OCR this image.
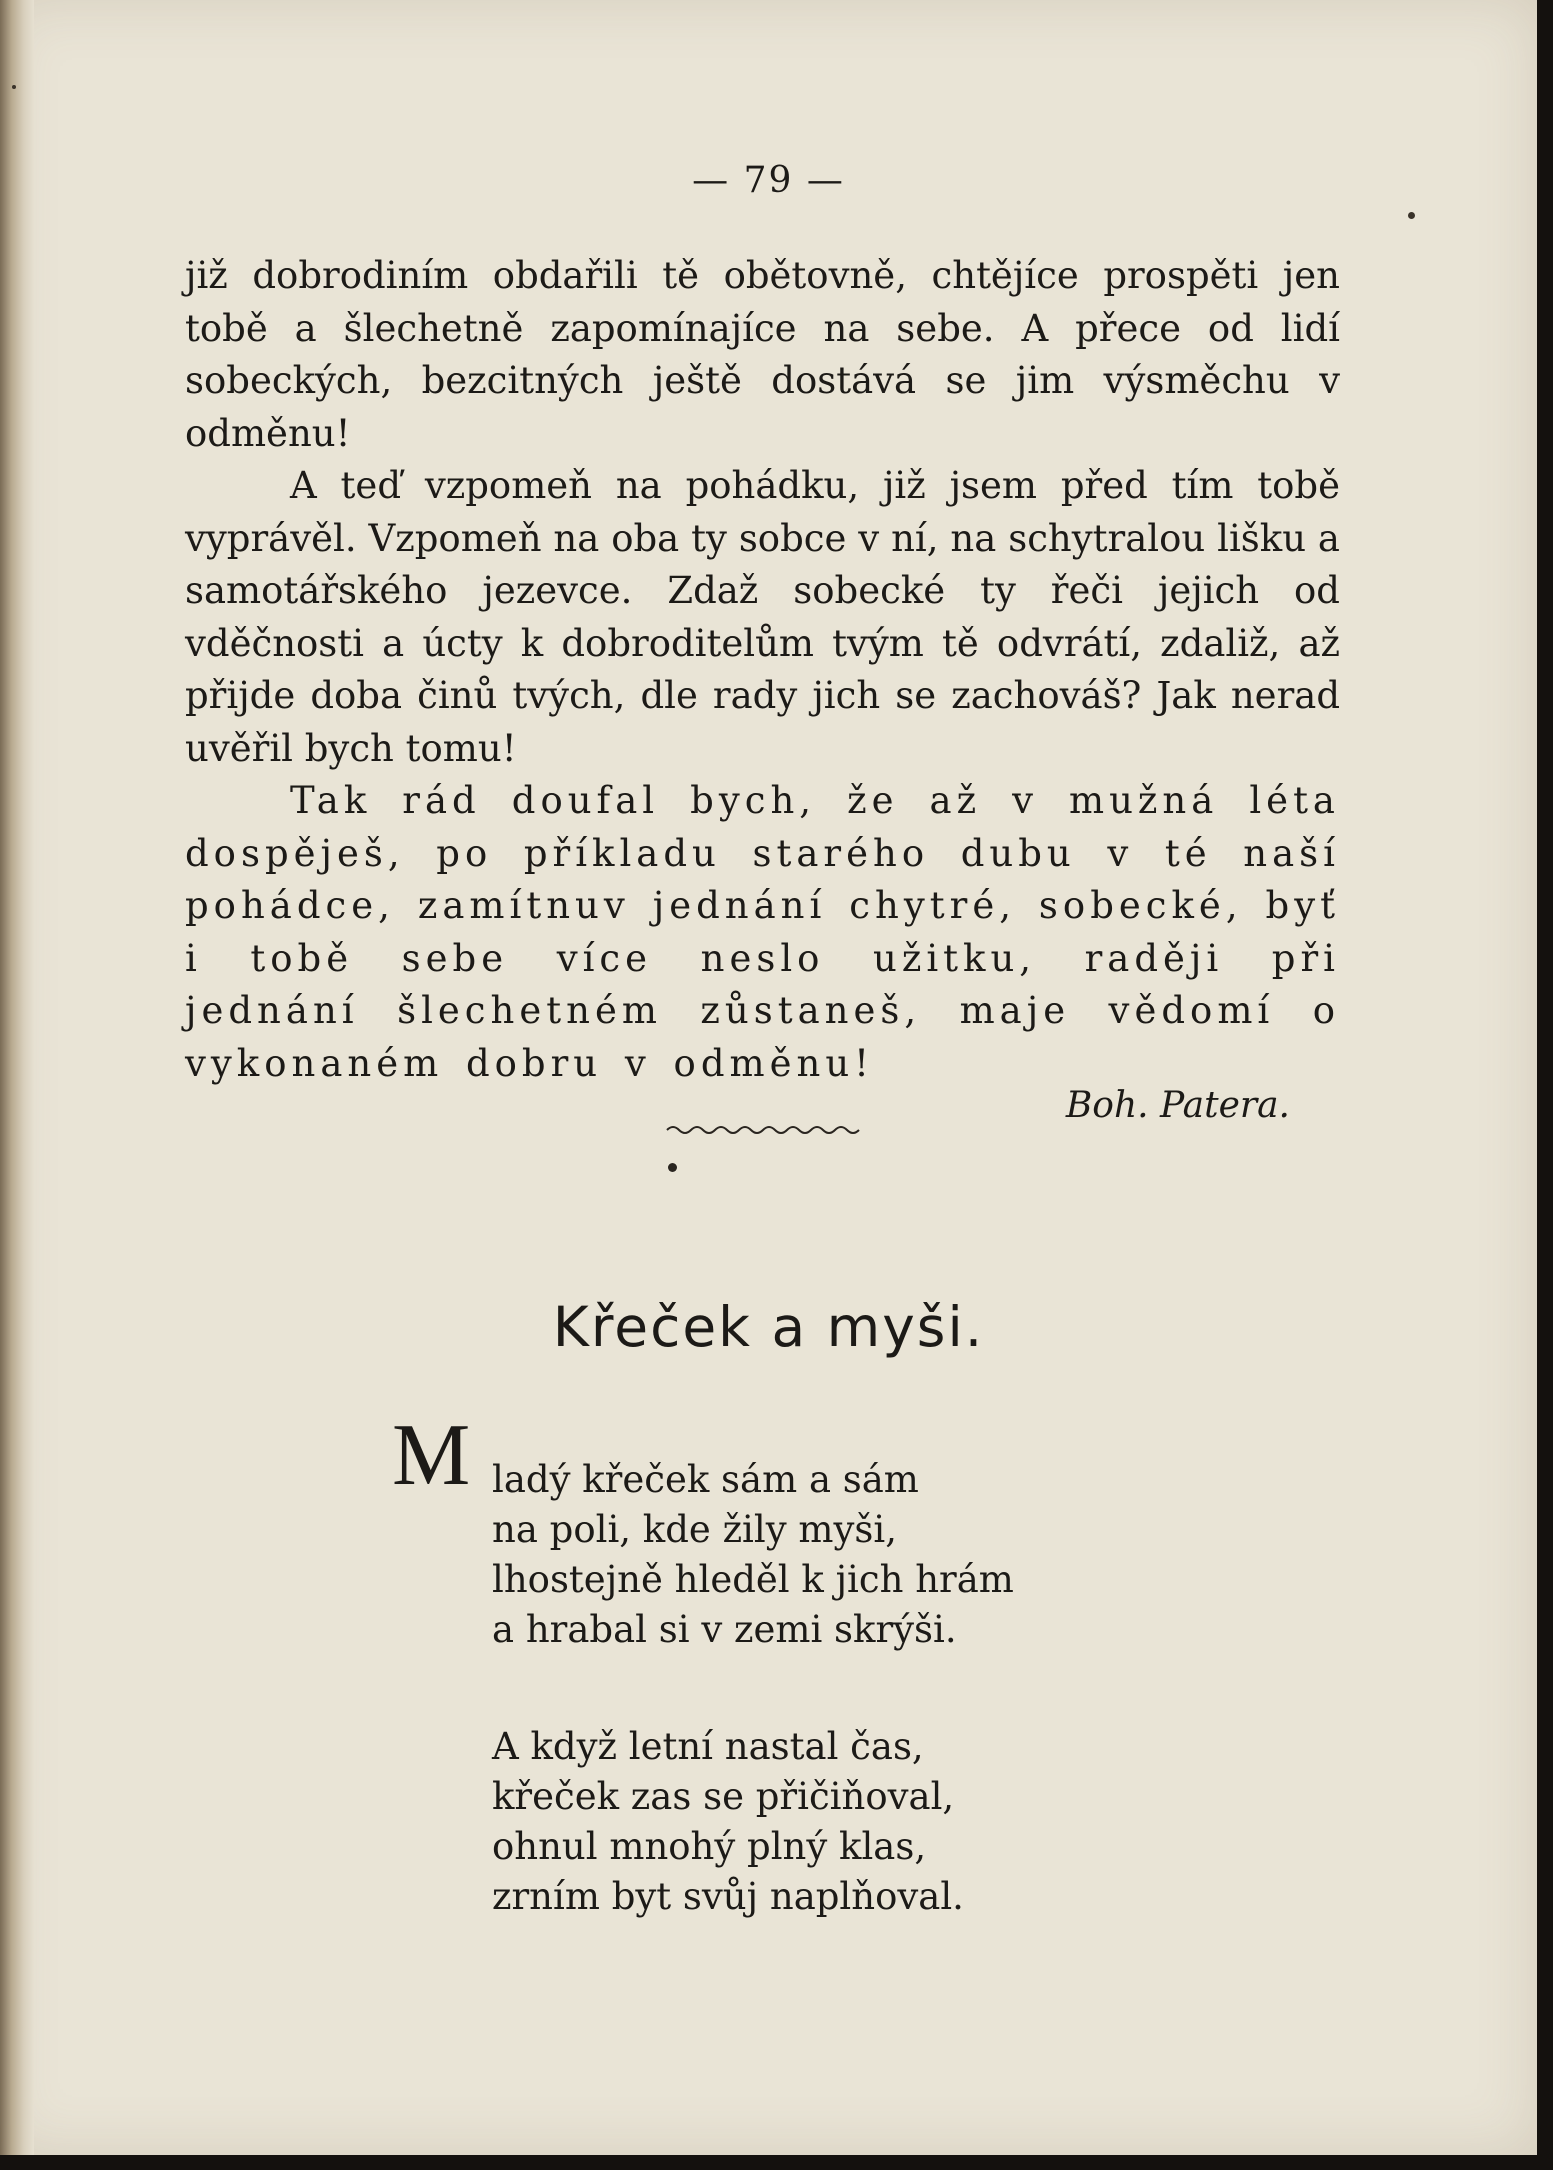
— 79 —

již dobrodiním obdařili tě obětovně, chtějíce prospěti jen tobě a šlechetně zapomínajíce na sebe. A přece od lidí sobeckých, bezcitných ještě dostává se jim výsměchu v odměnu!

A teď vzpomeň na pohádku, již jsem před tím tobě vyprávěl. Vzpomeň na oba ty sobce v ní, na schytralou lišku a samotářského jezevce. Zdaž sobecké ty řeči jejich od vděčnosti a úcty k dobroditelům tvým tě odvrátí, zdaliž, až přijde doba činů tvých, dle rady jich se zachováš? Jak nerad uvěřil bych tomu!

Tak rád doufal bych, že až v mužná léta dospěješ, po příkladu starého dubu v té naší pohádce, zamítnuv jednání chytré, sobecké, byť i tobě sebe více neslo užitku, raději při jednání šlechetném zůstaneš, maje vědomí o vykonaném dobru v odměnu!

Boh. Patera.
Křeček a myši.
M ladý křeček sám a sám
na poli, kde žily myši,
lhostejně hleděl k jich hrám
a hrabal si v zemi skrýši.
A když letní nastal čas,
křeček zas se přičiňoval,
ohnul mnohý plný klas,
zrním byt svůj naplňoval.
